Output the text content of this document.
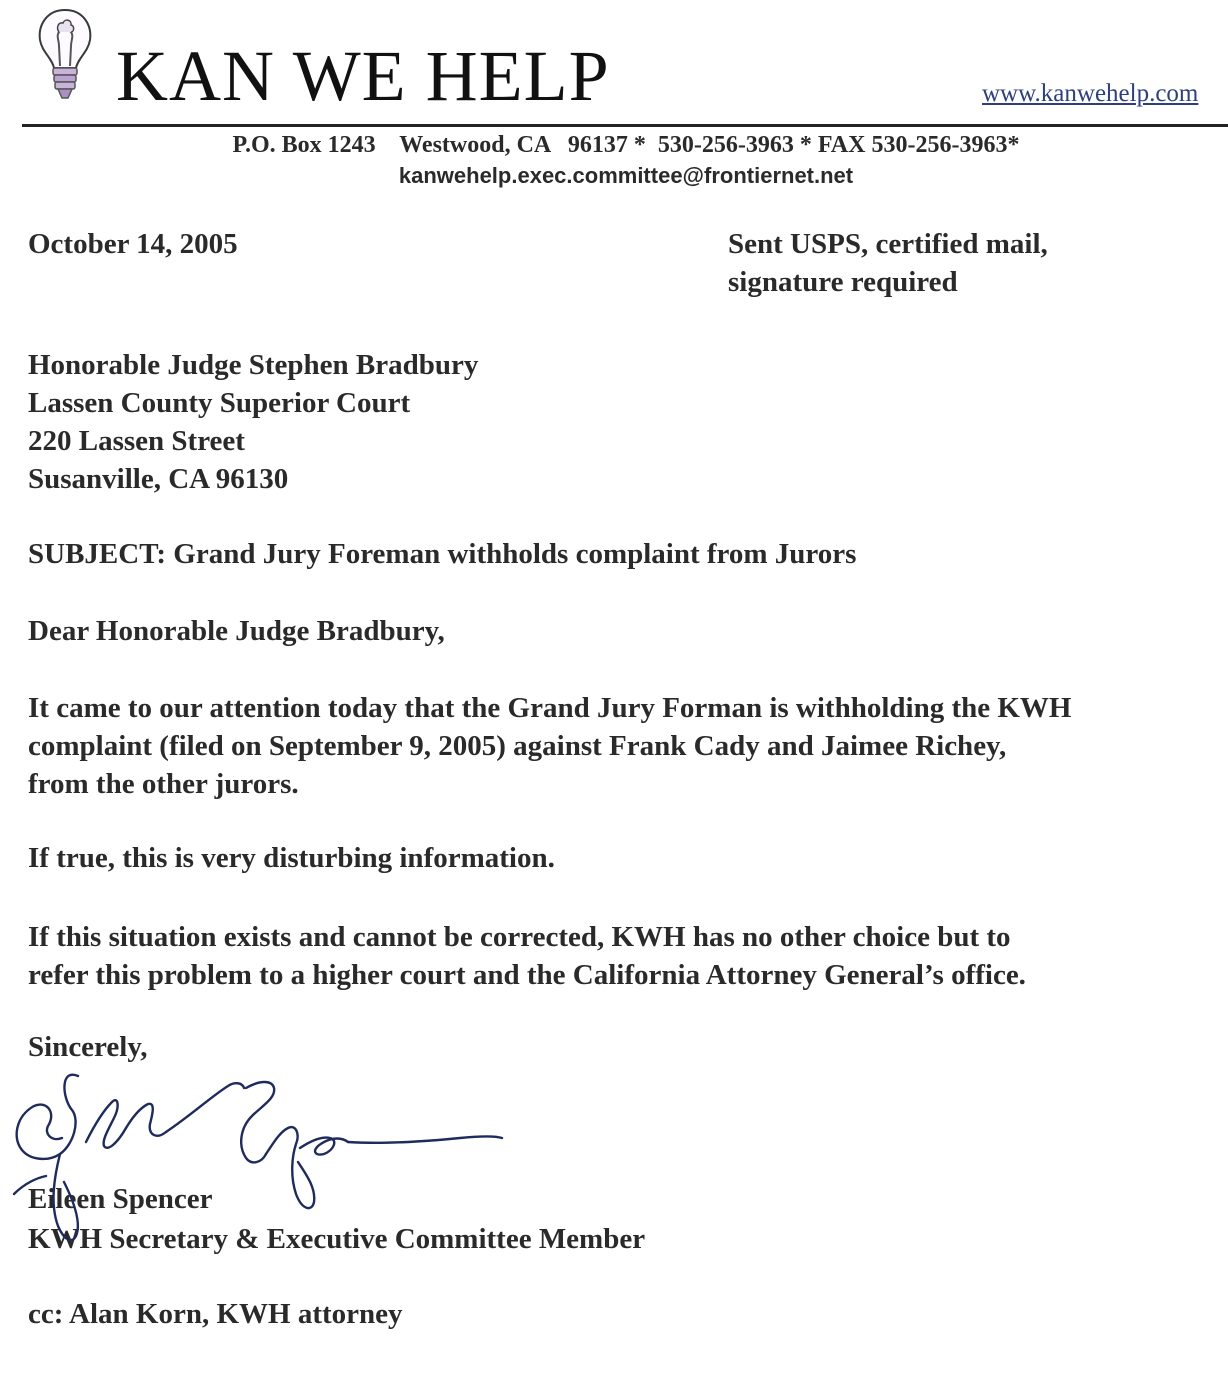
KAN WE HELP	www.kanwehelp.com
P.O. Box 1243    Westwood, CA   96137 *  530-256-3963 * FAX 530-256-3963*
kanwehelp.exec.committee@frontiernet.net
October 14, 2005	Sent USPS, certified mail,
signature required
Honorable Judge Stephen Bradbury
Lassen County Superior Court
220 Lassen Street
Susanville, CA 96130
SUBJECT: Grand Jury Foreman withholds complaint from Jurors
Dear Honorable Judge Bradbury,
It came to our attention today that the Grand Jury Forman is withholding the KWH
complaint (filed on September 9, 2005) against Frank Cady and Jaimee Richey,
from the other jurors.
If true, this is very disturbing information.
If this situation exists and cannot be corrected, KWH has no other choice but to
refer this problem to a higher court and the California Attorney General’s office.
Sincerely,
Eileen Spencer
KWH Secretary & Executive Committee Member
cc: Alan Korn, KWH attorney
